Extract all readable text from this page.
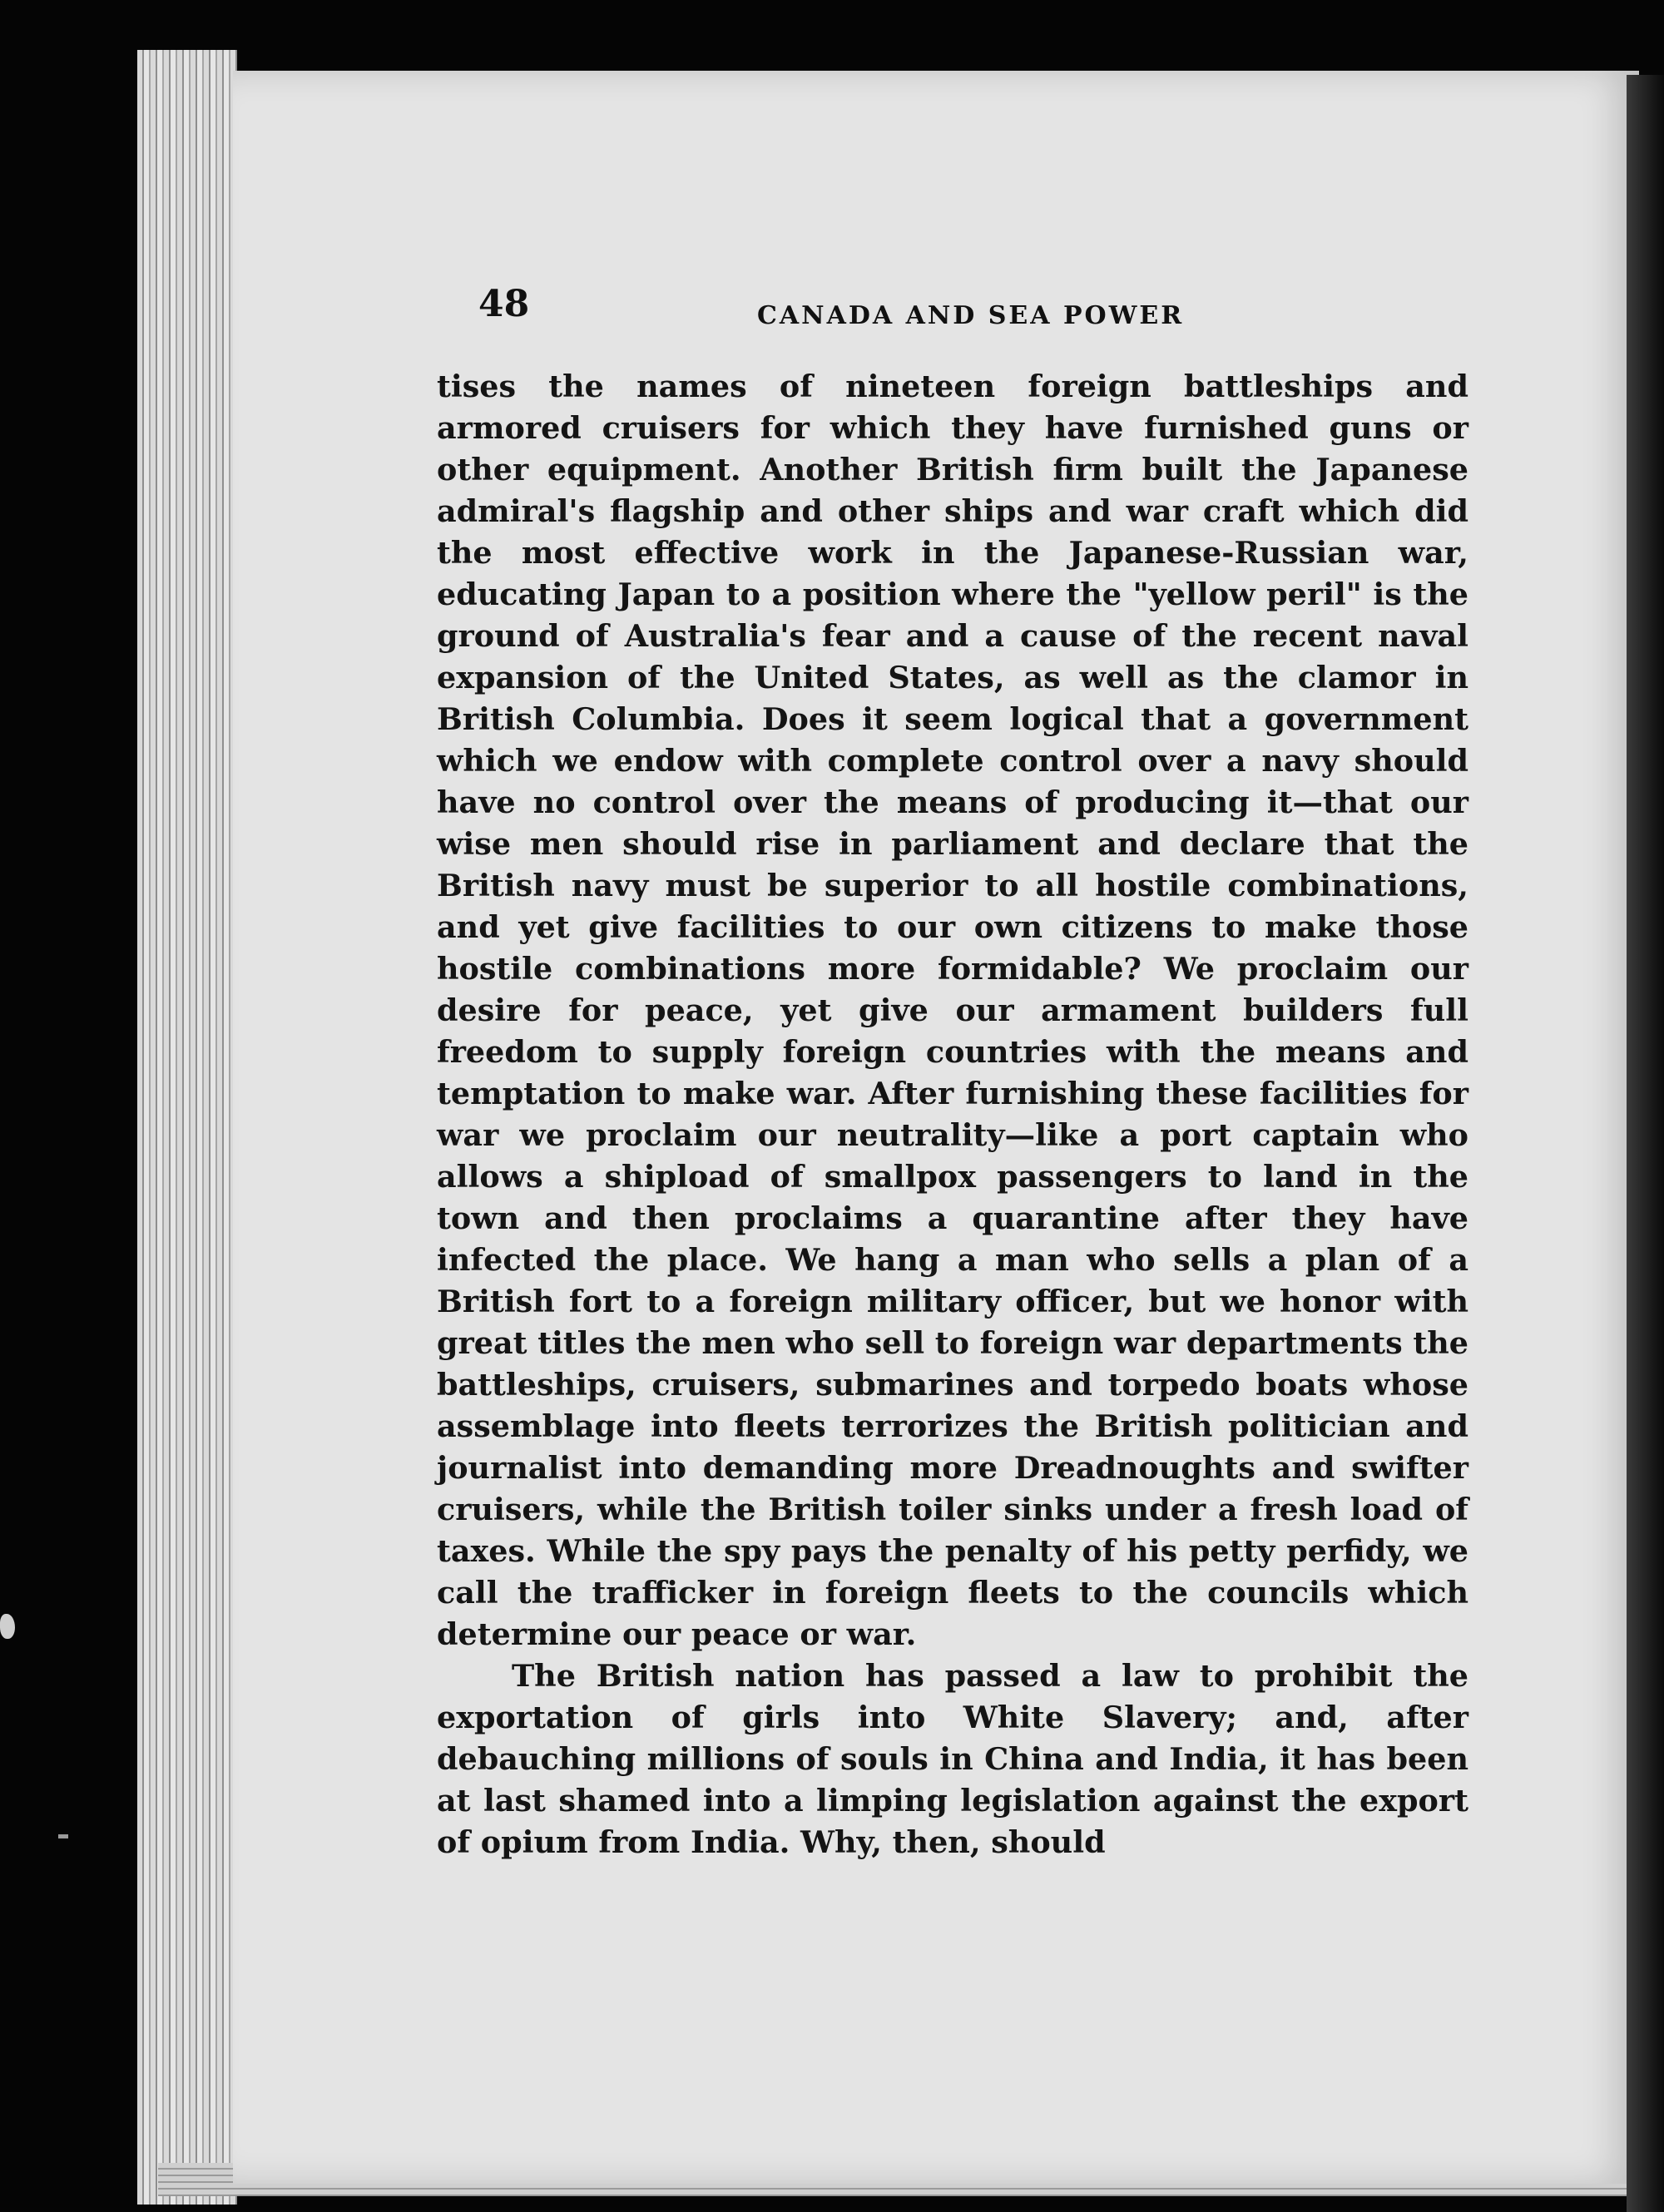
48	CANADA AND SEA POWER

tises the names of nineteen foreign battleships and armored cruisers for which they have furnished guns or other equipment. Another British firm built the Japanese admiral's flagship and other ships and war craft which did the most effective work in the Japanese-Russian war, educating Japan to a position where the "yellow peril" is the ground of Australia's fear and a cause of the recent naval expansion of the United States, as well as the clamor in British Columbia. Does it seem logical that a government which we endow with complete control over a navy should have no control over the means of producing it—that our wise men should rise in parliament and declare that the British navy must be superior to all hostile combinations, and yet give facilities to our own citizens to make those hostile combinations more formidable? We proclaim our desire for peace, yet give our armament builders full freedom to supply foreign countries with the means and temptation to make war. After furnishing these facilities for war we proclaim our neutrality—like a port captain who allows a shipload of smallpox passengers to land in the town and then proclaims a quarantine after they have infected the place. We hang a man who sells a plan of a British fort to a foreign military officer, but we honor with great titles the men who sell to foreign war departments the battleships, cruisers, submarines and torpedo boats whose assemblage into fleets terrorizes the British politician and journalist into demanding more Dreadnoughts and swifter cruisers, while the British toiler sinks under a fresh load of taxes. While the spy pays the penalty of his petty perfidy, we call the trafficker in foreign fleets to the councils which determine our peace or war.

The British nation has passed a law to prohibit the exportation of girls into White Slavery; and, after debauching millions of souls in China and India, it has been at last shamed into a limping legislation against the export of opium from India. Why, then, should
